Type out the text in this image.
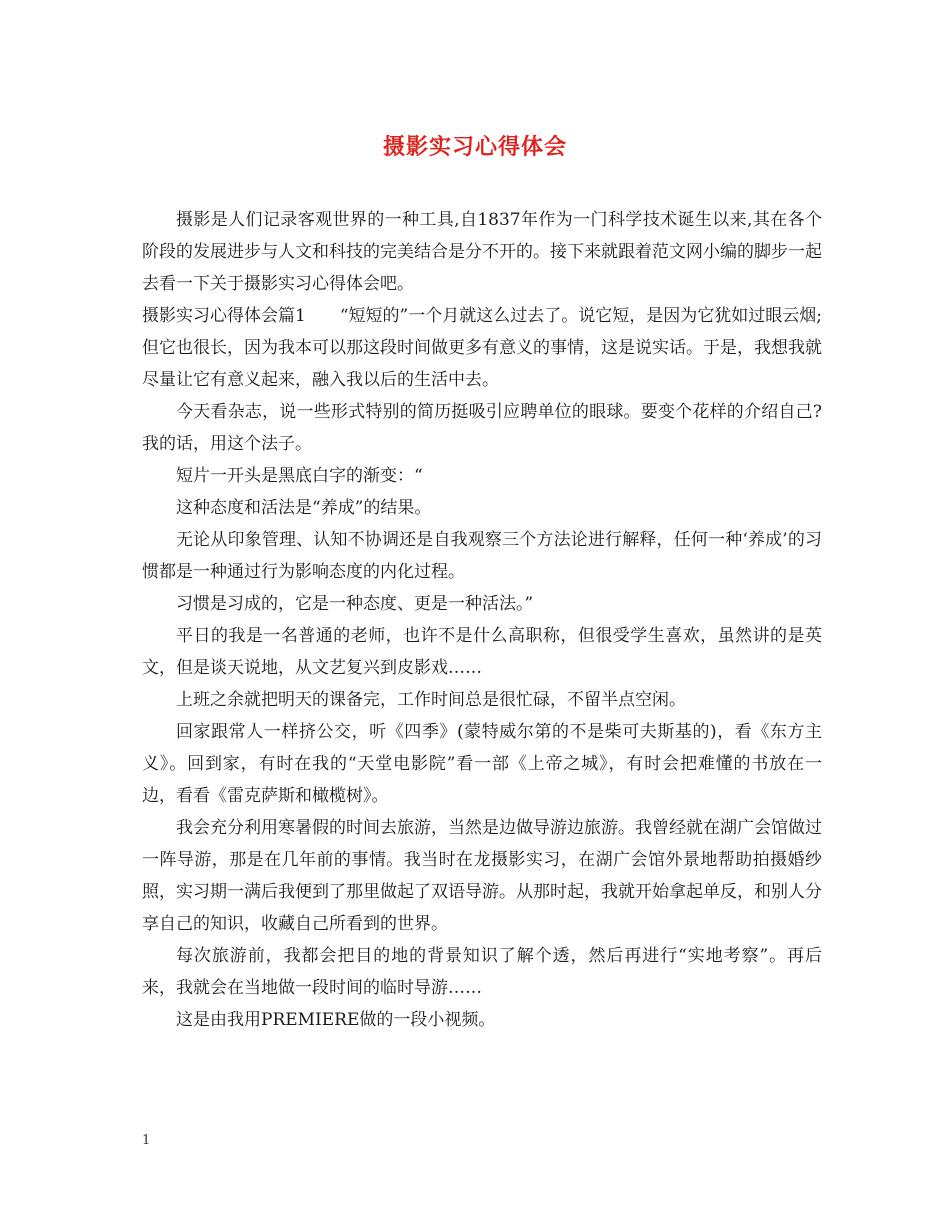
摄影实习心得体会

摄影是人们记录客观世界的一种工具,自1837年作为一门科学技术诞生以来,其在各个阶段的发展进步与人文和科技的完美结合是分不开的。接下来就跟着范文网小编的脚步一起去看一下关于摄影实习心得体会吧。

摄影实习心得体会篇1　　“短短的”一个月就这么过去了。说它短，是因为它犹如过眼云烟;但它也很长，因为我本可以那这段时间做更多有意义的事情，这是说实话。于是，我想我就尽量让它有意义起来，融入我以后的生活中去。

今天看杂志，说一些形式特别的简历挺吸引应聘单位的眼球。要变个花样的介绍自己?我的话，用这个法子。

短片一开头是黑底白字的渐变：“

这种态度和活法是“养成”的结果。

无论从印象管理、认知不协调还是自我观察三个方法论进行解释，任何一种‘养成’的习惯都是一种通过行为影响态度的内化过程。

习惯是习成的，它是一种态度、更是一种活法。”

平日的我是一名普通的老师，也许不是什么高职称，但很受学生喜欢，虽然讲的是英文，但是谈天说地，从文艺复兴到皮影戏……

上班之余就把明天的课备完，工作时间总是很忙碌，不留半点空闲。

回家跟常人一样挤公交，听《四季》(蒙特威尔第的不是柴可夫斯基的)，看《东方主义》。回到家，有时在我的“天堂电影院”看一部《上帝之城》，有时会把难懂的书放在一边，看看《雷克萨斯和橄榄树》。

我会充分利用寒暑假的时间去旅游，当然是边做导游边旅游。我曾经就在湖广会馆做过一阵导游，那是在几年前的事情。我当时在龙摄影实习，在湖广会馆外景地帮助拍摄婚纱照，实习期一满后我便到了那里做起了双语导游。从那时起，我就开始拿起单反，和别人分享自己的知识，收藏自己所看到的世界。

每次旅游前，我都会把目的地的背景知识了解个透，然后再进行“实地考察”。再后来，我就会在当地做一段时间的临时导游……

这是由我用PREMIERE做的一段小视频。

1
